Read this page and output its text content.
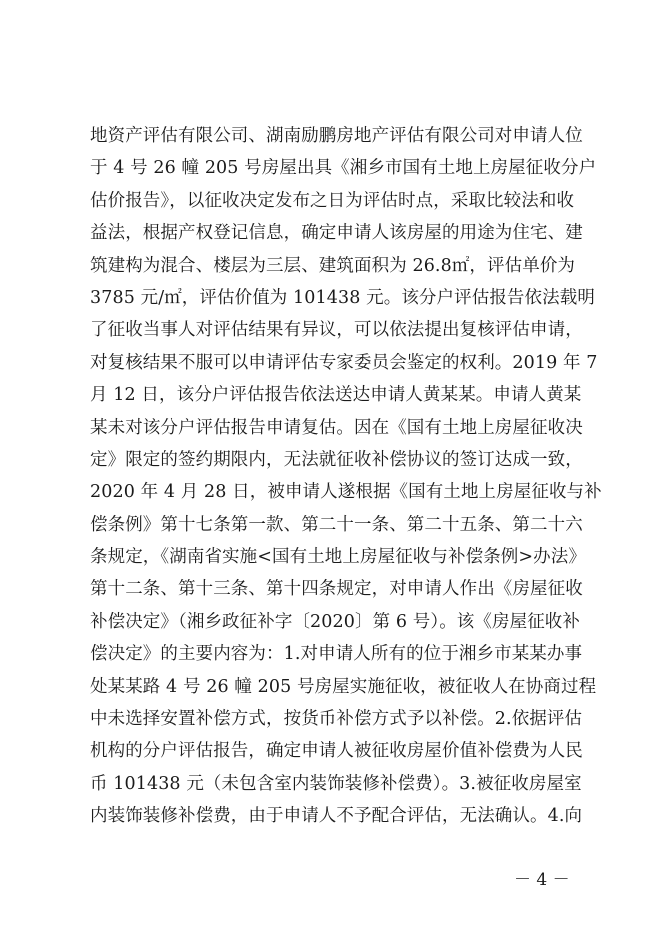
地资产评估有限公司、湖南励鹏房地产评估有限公司对申请人位
于 4 号 26 幢 205 号房屋出具《湘乡市国有土地上房屋征收分户
估价报告》，以征收决定发布之日为评估时点，采取比较法和收
益法，根据产权登记信息，确定申请人该房屋的用途为住宅、建
筑建构为混合、楼层为三层、建筑面积为 26.8㎡，评估单价为
3785 元/㎡，评估价值为 101438 元。该分户评估报告依法载明
了征收当事人对评估结果有异议，可以依法提出复核评估申请，
对复核结果不服可以申请评估专家委员会鉴定的权利。2019 年 7
月 12 日，该分户评估报告依法送达申请人黄某某。申请人黄某
某未对该分户评估报告申请复估。因在《国有土地上房屋征收决
定》限定的签约期限内，无法就征收补偿协议的签订达成一致，
2020 年 4 月 28 日，被申请人遂根据《国有土地上房屋征收与补
偿条例》第十七条第一款、第二十一条、第二十五条、第二十六
条规定，《湖南省实施<国有土地上房屋征收与补偿条例>办法》
第十二条、第十三条、第十四条规定，对申请人作出《房屋征收
补偿决定》（湘乡政征补字〔2020〕第 6 号）。该《房屋征收补
偿决定》的主要内容为：1.对申请人所有的位于湘乡市某某办事
处某某路 4 号 26 幢 205 号房屋实施征收，被征收人在协商过程
中未选择安置补偿方式，按货币补偿方式予以补偿。2.依据评估
机构的分户评估报告，确定申请人被征收房屋价值补偿费为人民
币 101438 元（未包含室内装饰装修补偿费）。3.被征收房屋室
内装饰装修补偿费，由于申请人不予配合评估，无法确认。4.向
－ 4 －
